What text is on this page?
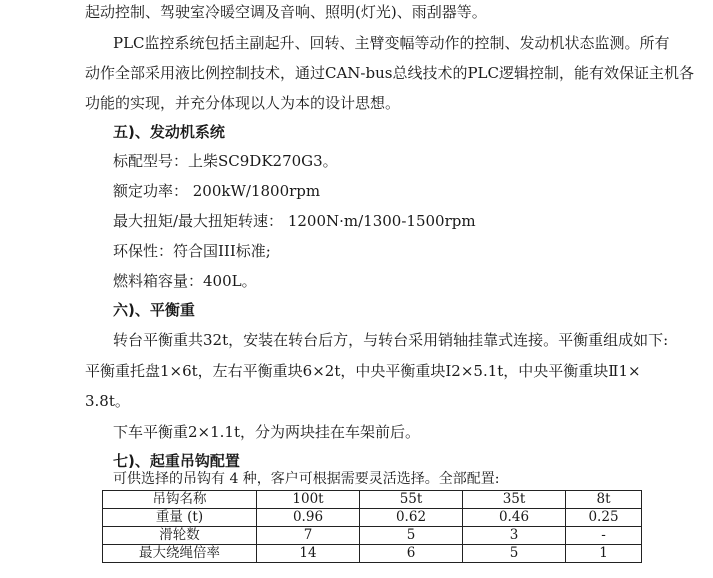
起动控制、驾驶室冷暖空调及音响、照明(灯光)、雨刮器等。
PLC监控系统包括主副起升、回转、主臂变幅等动作的控制、发动机状态监测。所有
动作全部采用液比例控制技术，通过CAN-bus总线技术的PLC逻辑控制，能有效保证主机各
功能的实现，并充分体现以人为本的设计思想。
五)、发动机系统
标配型号：上柴SC9DK270G3。
额定功率： 200kW/1800rpm
最大扭矩/最大扭矩转速： 1200N·m/1300-1500rpm
环保性：符合国III标准;
燃料箱容量：400L。
六)、平衡重
转台平衡重共32t，安装在转台后方，与转台采用销轴挂靠式连接。平衡重组成如下:
平衡重托盘1×6t，左右平衡重块6×2t，中央平衡重块Ⅰ2×5.1t，中央平衡重块Ⅱ1×
3.8t。
下车平衡重2×1.1t，分为两块挂在车架前后。
七)、起重吊钩配置
可供选择的吊钩有 4 种，客户可根据需要灵活选择。全部配置:
吊钩名称	100t	55t	35t	8t
重量 (t)	0.96	0.62	0.46	0.25
滑轮数	7	5	3	-
最大绕绳倍率	14	6	5	1
